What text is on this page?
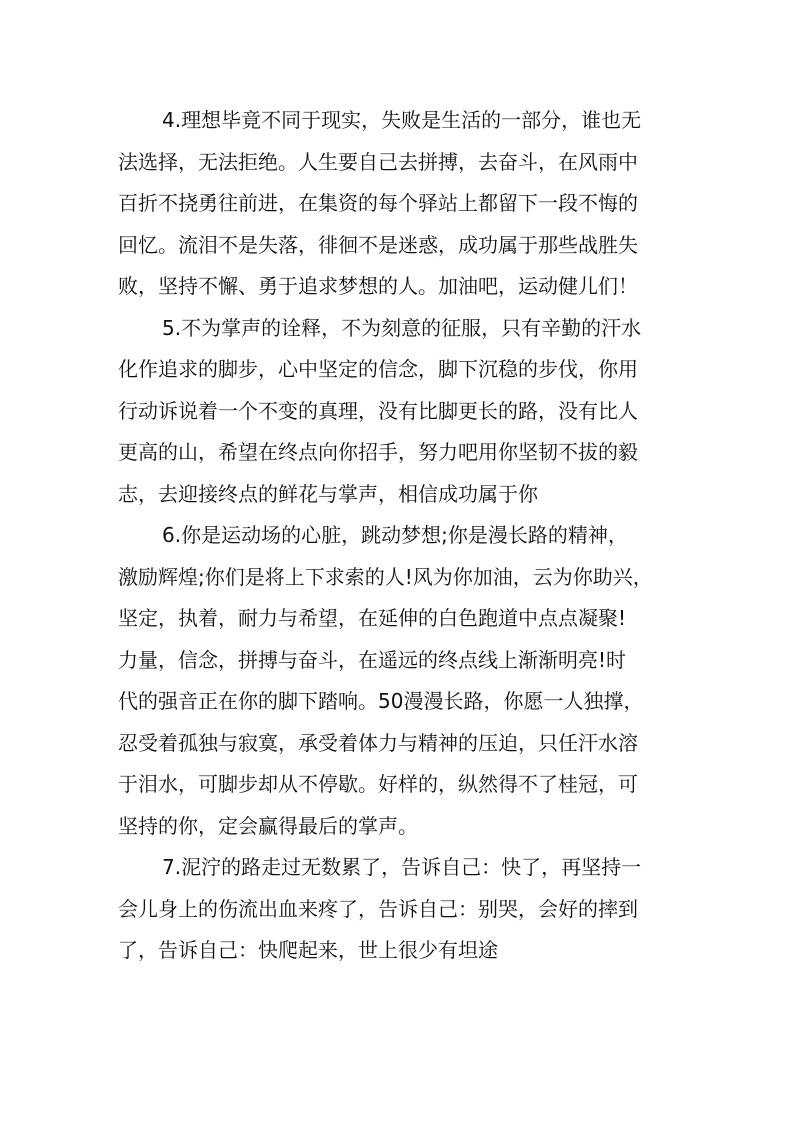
4.理想毕竟不同于现实，失败是生活的一部分，谁也无
法选择，无法拒绝。人生要自己去拼搏，去奋斗，在风雨中
百折不挠勇往前进，在集资的每个驿站上都留下一段不悔的
回忆。流泪不是失落，徘徊不是迷惑，成功属于那些战胜失
败，坚持不懈、勇于追求梦想的人。加油吧，运动健儿们！
5.不为掌声的诠释，不为刻意的征服，只有辛勤的汗水
化作追求的脚步，心中坚定的信念，脚下沉稳的步伐，你用
行动诉说着一个不变的真理，没有比脚更长的路，没有比人
更高的山，希望在终点向你招手，努力吧用你坚韧不拔的毅
志，去迎接终点的鲜花与掌声，相信成功属于你
6.你是运动场的心脏，跳动梦想;你是漫长路的精神，
激励辉煌;你们是将上下求索的人!风为你加油，云为你助兴，
坚定，执着，耐力与希望，在延伸的白色跑道中点点凝聚!
力量，信念，拼搏与奋斗，在遥远的终点线上渐渐明亮!时
代的强音正在你的脚下踏响。50漫漫长路，你愿一人独撑，
忍受着孤独与寂寞，承受着体力与精神的压迫，只任汗水溶
于泪水，可脚步却从不停歇。好样的，纵然得不了桂冠，可
坚持的你，定会赢得最后的掌声。
7.泥泞的路走过无数累了，告诉自己：快了，再坚持一
会儿身上的伤流出血来疼了，告诉自己：别哭，会好的摔到
了，告诉自己：快爬起来，世上很少有坦途
